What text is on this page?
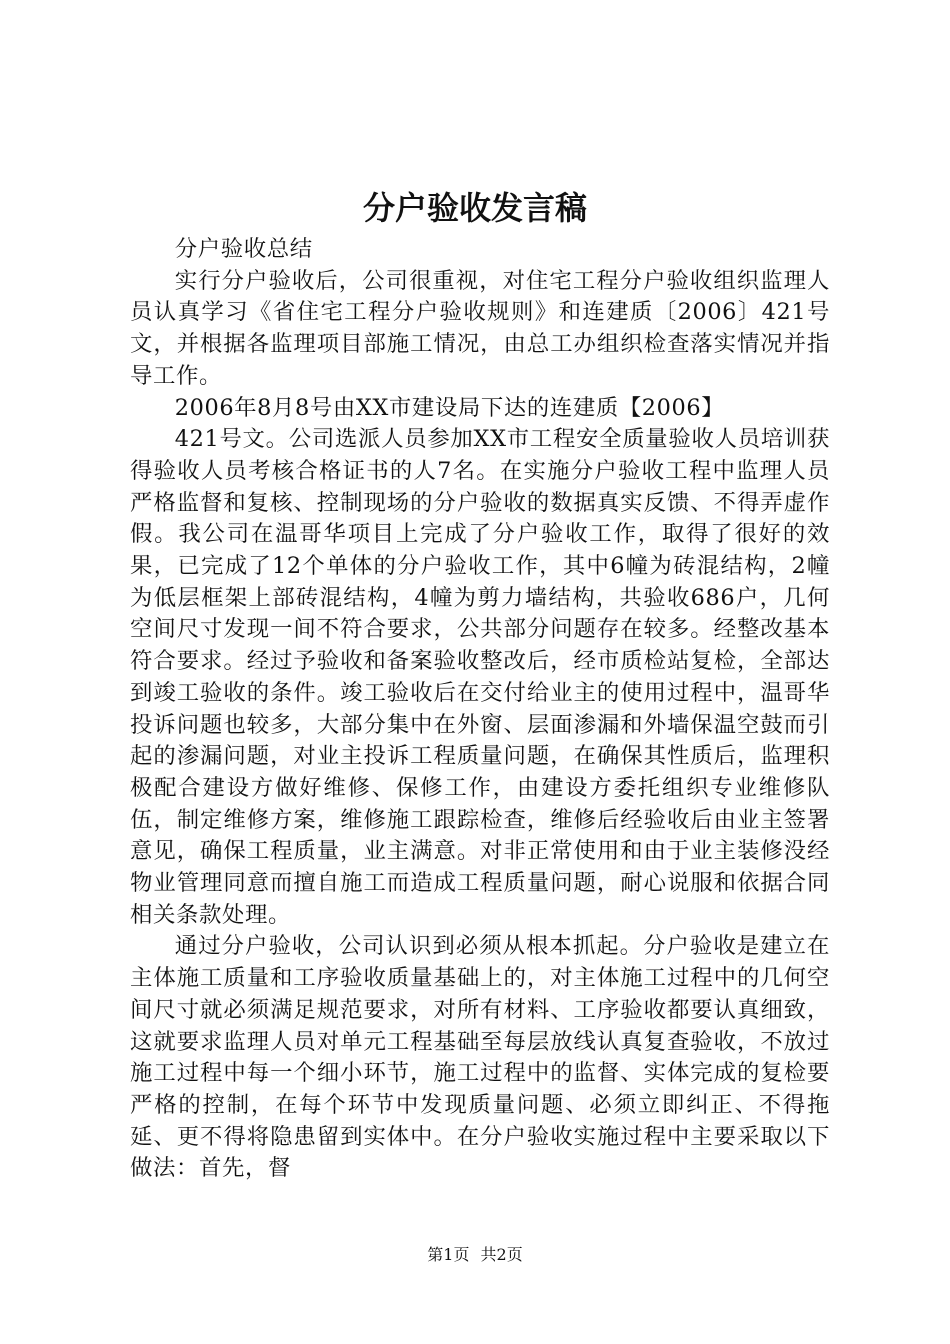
分户验收发言稿

分户验收总结

实行分户验收后，公司很重视，对住宅工程分户验收组织监理人员认真学习《省住宅工程分户验收规则》和连建质〔2006〕421号文，并根据各监理项目部施工情况，由总工办组织检查落实情况并指导工作。

2006年8月8号由XX市建设局下达的连建质【2006】

421号文。公司选派人员参加XX市工程安全质量验收人员培训获得验收人员考核合格证书的人7名。在实施分户验收工程中监理人员严格监督和复核、控制现场的分户验收的数据真实反馈、不得弄虚作假。我公司在温哥华项目上完成了分户验收工作，取得了很好的效果，已完成了12个单体的分户验收工作，其中6幢为砖混结构，2幢为低层框架上部砖混结构，4幢为剪力墙结构，共验收686户，几何空间尺寸发现一间不符合要求，公共部分问题存在较多。经整改基本符合要求。经过予验收和备案验收整改后，经市质检站复检，全部达到竣工验收的条件。竣工验收后在交付给业主的使用过程中，温哥华投诉问题也较多，大部分集中在外窗、层面渗漏和外墙保温空鼓而引起的渗漏问题，对业主投诉工程质量问题，在确保其性质后，监理积极配合建设方做好维修、保修工作，由建设方委托组织专业维修队伍，制定维修方案，维修施工跟踪检查，维修后经验收后由业主签署意见，确保工程质量，业主满意。对非正常使用和由于业主装修没经物业管理同意而擅自施工而造成工程质量问题，耐心说服和依据合同相关条款处理。

通过分户验收，公司认识到必须从根本抓起。分户验收是建立在主体施工质量和工序验收质量基础上的，对主体施工过程中的几何空间尺寸就必须满足规范要求，对所有材料、工序验收都要认真细致，这就要求监理人员对单元工程基础至每层放线认真复查验收，不放过施工过程中每一个细小环节，施工过程中的监督、实体完成的复检要严格的控制，在每个环节中发现质量问题、必须立即纠正、不得拖延、更不得将隐患留到实体中。在分户验收实施过程中主要采取以下做法：首先，督

第1页 共2页
